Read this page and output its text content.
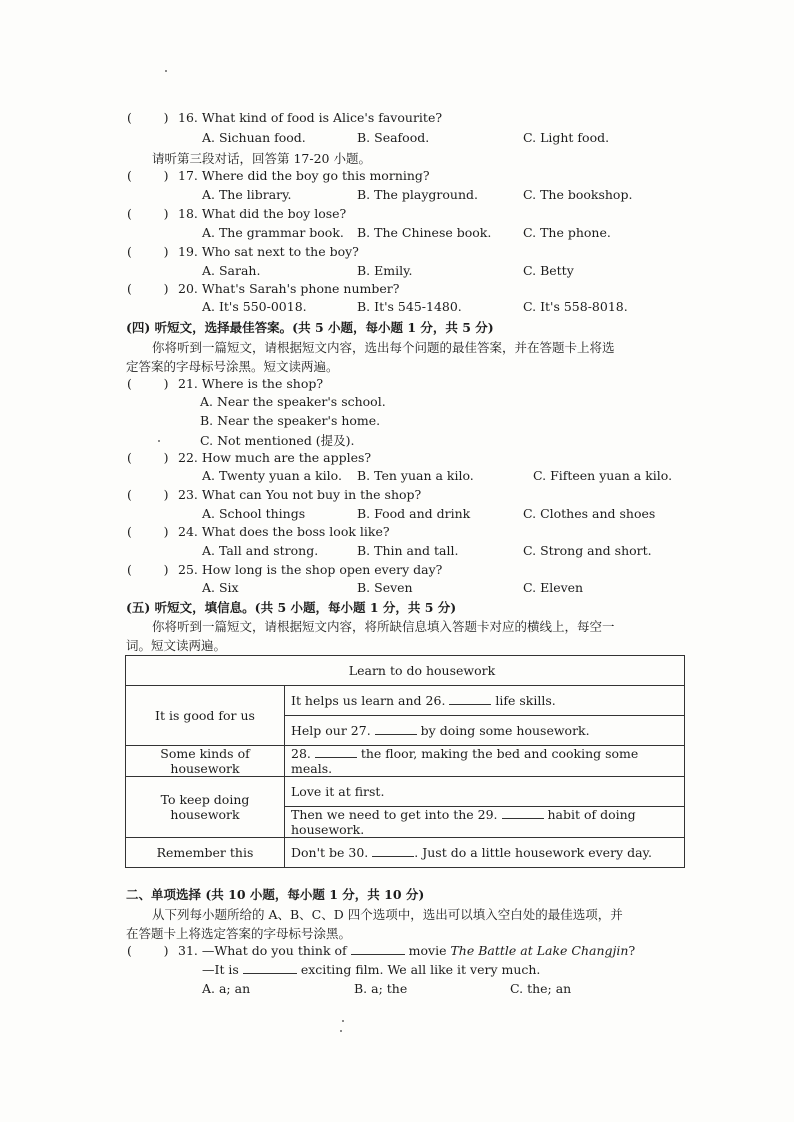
(        ) 16. What kind of food is Alice's favourite?
A. Sichuan food.	B. Seafood.	C. Light food.
请听第三段对话，回答第 17-20 小题。
(        ) 17. Where did the boy go this morning?
A. The library.	B. The playground.	C. The bookshop.
(        ) 18. What did the boy lose?
A. The grammar book. B. The Chinese book.	C. The phone.
(        ) 19. Who sat next to the boy?
A. Sarah.	B. Emily.	C. Betty
(        ) 20. What's Sarah's phone number?
A. It's 550-0018.	B. It's 545-1480.	C. It's 558-8018.
(四) 听短文，选择最佳答案。(共 5 小题，每小题 1 分，共 5 分)
你将听到一篇短文，请根据短文内容，选出每个问题的最佳答案，并在答题卡上将选
定答案的字母标号涂黑。短文读两遍。
(        ) 21. Where is the shop?
A. Near the speaker's school.
B. Near the speaker's home.
C. Not mentioned (提及).
(        ) 22. How much are the apples?
A. Twenty yuan a kilo. B. Ten yuan a kilo.	C. Fifteen yuan a kilo.
(        ) 23. What can You not buy in the shop?
A. School things	B. Food and drink	C. Clothes and shoes
(        ) 24. What does the boss look like?
A. Tall and strong.	B. Thin and tall.	C. Strong and short.
(        ) 25. How long is the shop open every day?
A. Six	B. Seven	C. Eleven
(五) 听短文，填信息。(共 5 小题，每小题 1 分，共 5 分)
你将听到一篇短文，请根据短文内容，将所缺信息填入答题卡对应的横线上，每空一
词。短文读两遍。
Learn to do housework	
It is good for us	It helps us learn and 26. life skills.
	Help our 27. by doing some housework.
Some kinds of housework	28. the floor, making the bed and cooking some meals.
To keep doing housework	Love it at first.
	Then we need to get into the 29. habit of doing housework.
Remember this	Don't be 30. . Just do a little housework every day.
二、单项选择 (共 10 小题，每小题 1 分，共 10 分)
从下列每小题所给的 A、B、C、D 四个选项中，选出可以填入空白处的最佳选项，并
在答题卡上将选定答案的字母标号涂黑。
(        ) 31. —What do you think of	movie The Battle at Lake Changjin?
—It is	exciting film. We all like it very much.
A. a; an	B. a; the	C. the; an
